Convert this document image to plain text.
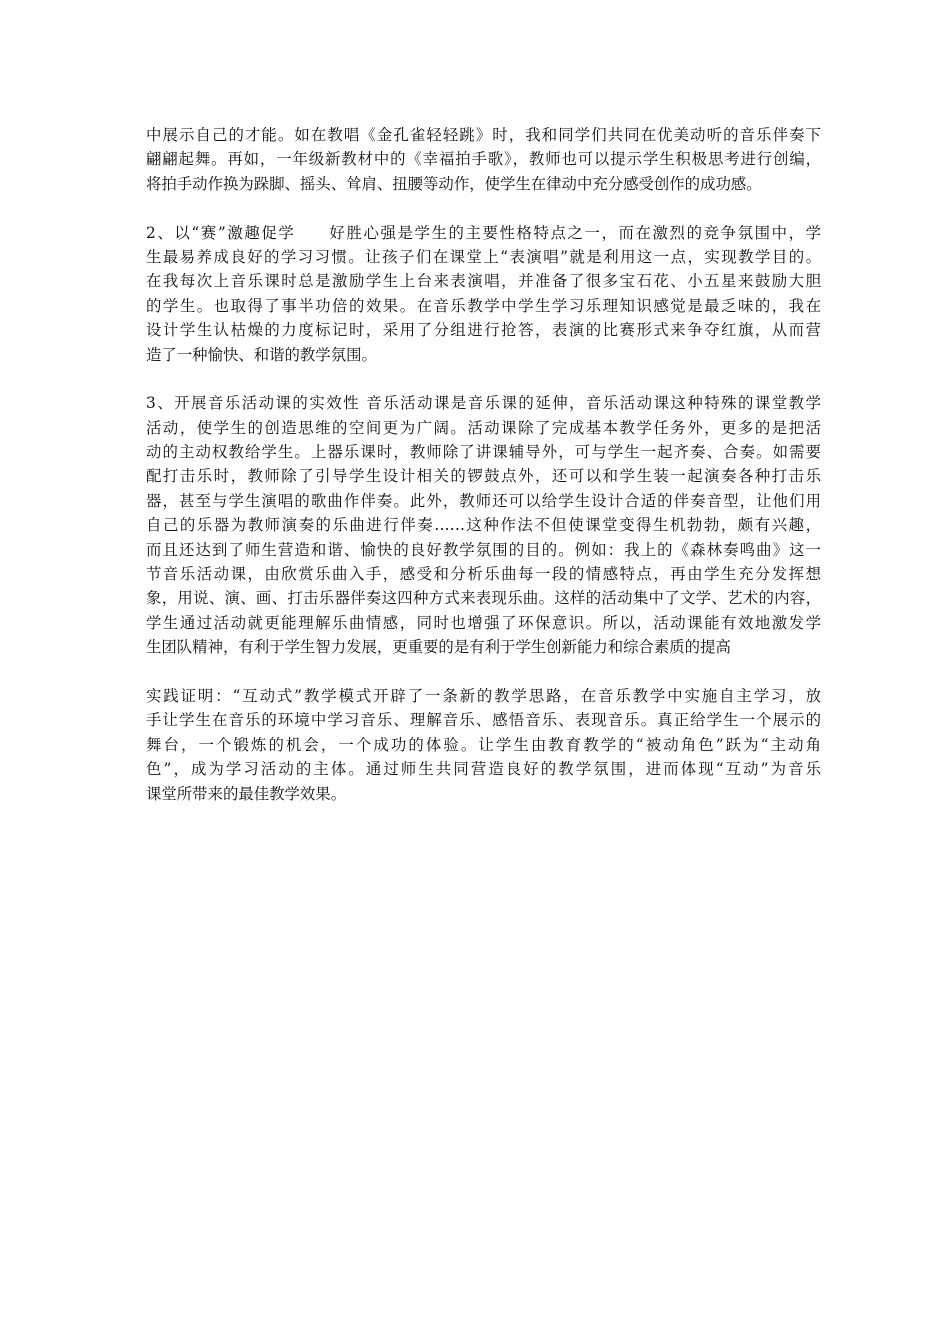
中展示自己的才能。如在教唱《金孔雀轻轻跳》时，我和同学们共同在优美动听的音乐伴奏下
翩翩起舞。再如，一年级新教材中的《幸福拍手歌》，教师也可以提示学生积极思考进行创编，
将拍手动作换为跺脚、摇头、耸肩、扭腰等动作，使学生在律动中充分感受创作的成功感。
2、以“赛”激趣促学　　好胜心强是学生的主要性格特点之一，而在激烈的竞争氛围中，学
生最易养成良好的学习习惯。让孩子们在课堂上“表演唱”就是利用这一点，实现教学目的。
在我每次上音乐课时总是激励学生上台来表演唱，并准备了很多宝石花、小五星来鼓励大胆
的学生。也取得了事半功倍的效果。在音乐教学中学生学习乐理知识感觉是最乏味的，我在
设计学生认枯燥的力度标记时，采用了分组进行抢答，表演的比赛形式来争夺红旗，从而营
造了一种愉快、和谐的教学氛围。
3、开展音乐活动课的实效性 音乐活动课是音乐课的延伸，音乐活动课这种特殊的课堂教学
活动，使学生的创造思维的空间更为广阔。活动课除了完成基本教学任务外，更多的是把活
动的主动权教给学生。上器乐课时，教师除了讲课辅导外，可与学生一起齐奏、合奏。如需要
配打击乐时，教师除了引导学生设计相关的锣鼓点外，还可以和学生装一起演奏各种打击乐
器，甚至与学生演唱的歌曲作伴奏。此外，教师还可以给学生设计合适的伴奏音型，让他们用
自己的乐器为教师演奏的乐曲进行伴奏……这种作法不但使课堂变得生机勃勃，颇有兴趣，
而且还达到了师生营造和谐、愉快的良好教学氛围的目的。例如：我上的《森林奏鸣曲》这一
节音乐活动课，由欣赏乐曲入手，感受和分析乐曲每一段的情感特点，再由学生充分发挥想
象，用说、演、画、打击乐器伴奏这四种方式来表现乐曲。这样的活动集中了文学、艺术的内容，
学生通过活动就更能理解乐曲情感，同时也增强了环保意识。所以，活动课能有效地激发学
生团队精神，有利于学生智力发展，更重要的是有利于学生创新能力和综合素质的提高
实践证明：“互动式”教学模式开辟了一条新的教学思路，在音乐教学中实施自主学习，放
手让学生在音乐的环境中学习音乐、理解音乐、感悟音乐、表现音乐。真正给学生一个展示的
舞台，一个锻炼的机会，一个成功的体验。让学生由教育教学的“被动角色”跃为“主动角
色”，成为学习活动的主体。通过师生共同营造良好的教学氛围，进而体现“互动”为音乐
课堂所带来的最佳教学效果。
